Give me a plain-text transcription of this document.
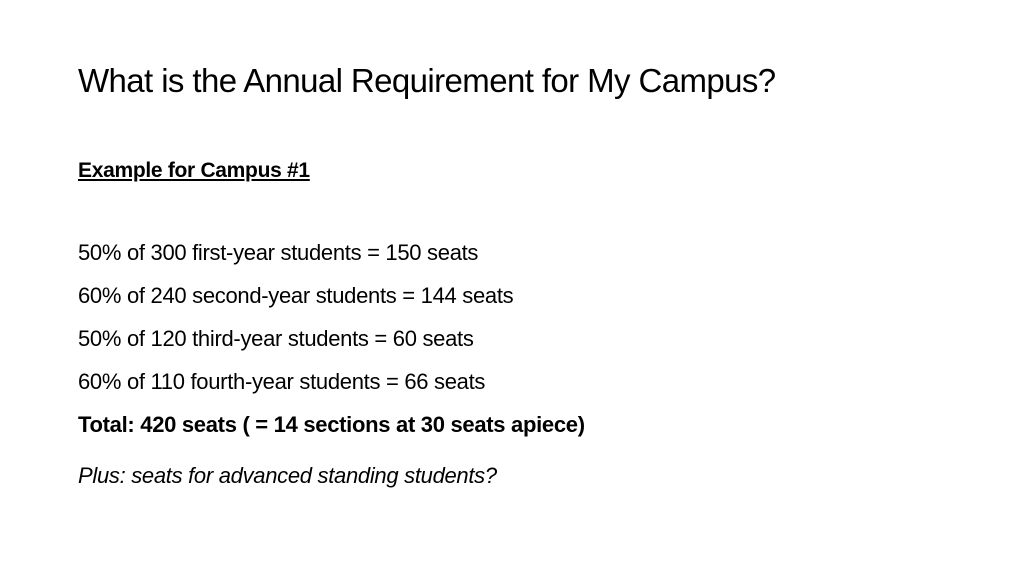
What is the Annual Requirement for My Campus?
Example for Campus #1
50% of 300 first-year students = 150 seats
60% of 240 second-year students = 144 seats
50% of 120 third-year students = 60 seats
60% of 110 fourth-year students = 66 seats
Total: 420 seats ( = 14 sections at 30 seats apiece)
Plus: seats for advanced standing students?
